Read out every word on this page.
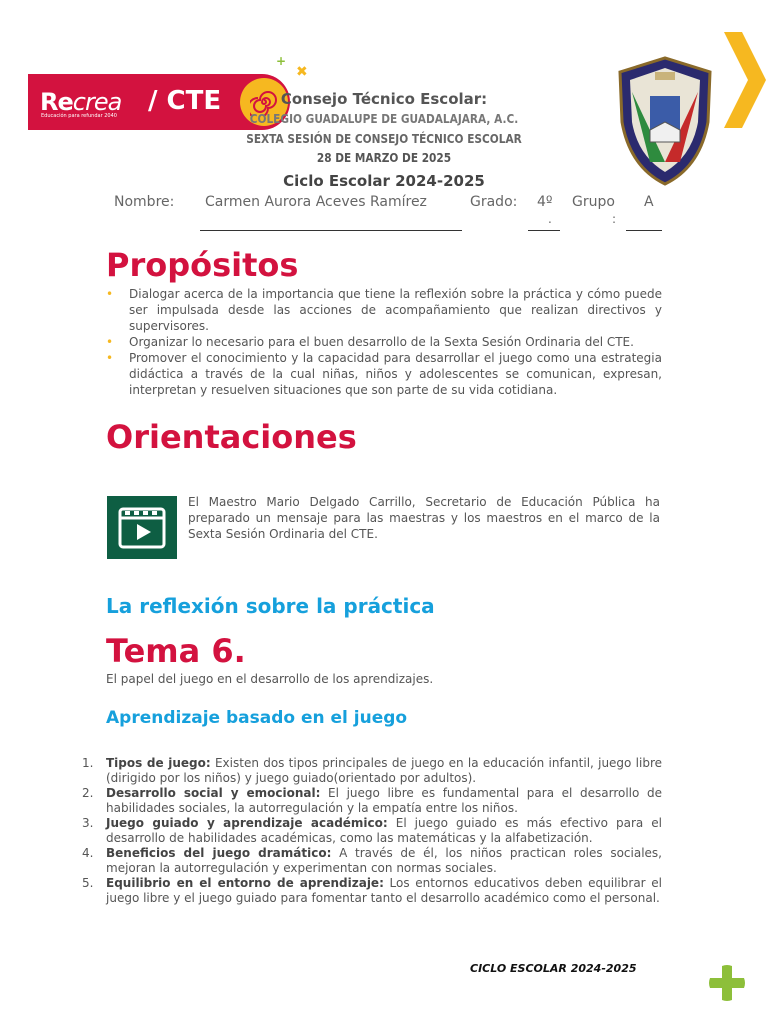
Recrea
Educación para refundar 2040 / CTE
+
✖
Consejo Técnico Escolar:
COLEGIO GUADALUPE DE GUADALAJARA, A.C.
SEXTA SESIÓN DE CONSEJO TÉCNICO ESCOLAR
28 DE MARZO DE 2025
Ciclo Escolar 2024-2025
Nombre: Carmen Aurora Aceves Ramírez	Grado: 4º
.
Grupo
:
A
Propósitos
• Dialogar acerca de la importancia que tiene la reflexión sobre la práctica y cómo puede ser impulsada desde las acciones de acompañamiento que realizan directivos y supervisores.
• Organizar lo necesario para el buen desarrollo de la Sexta Sesión Ordinaria del CTE.
• Promover el conocimiento y la capacidad para desarrollar el juego como una estrategia didáctica a través de la cual niñas, niños y adolescentes se comunican, expresan, interpretan y resuelven situaciones que son parte de su vida cotidiana.
Orientaciones
El Maestro Mario Delgado Carrillo, Secretario de Educación Pública ha preparado un mensaje para las maestras y los maestros en el marco de la Sexta Sesión Ordinaria del CTE.
La reflexión sobre la práctica
Tema 6.
El papel del juego en el desarrollo de los aprendizajes.
Aprendizaje basado en el juego
1. Tipos de juego: Existen dos tipos principales de juego en la educación infantil, juego libre (dirigido por los niños) y juego guiado(orientado por adultos).
2. Desarrollo social y emocional: El juego libre es fundamental para el desarrollo de habilidades sociales, la autorregulación y la empatía entre los niños.
3. Juego guiado y aprendizaje académico: El juego guiado es más efectivo para el desarrollo de habilidades académicas, como las matemáticas y la alfabetización.
4. Beneficios del juego dramático: A través de él, los niños practican roles sociales, mejoran la autorregulación y experimentan con normas sociales.
5. Equilibrio en el entorno de aprendizaje: Los entornos educativos deben equilibrar el juego libre y el juego guiado para fomentar tanto el desarrollo académico como el personal.
CICLO ESCOLAR 2024-2025
